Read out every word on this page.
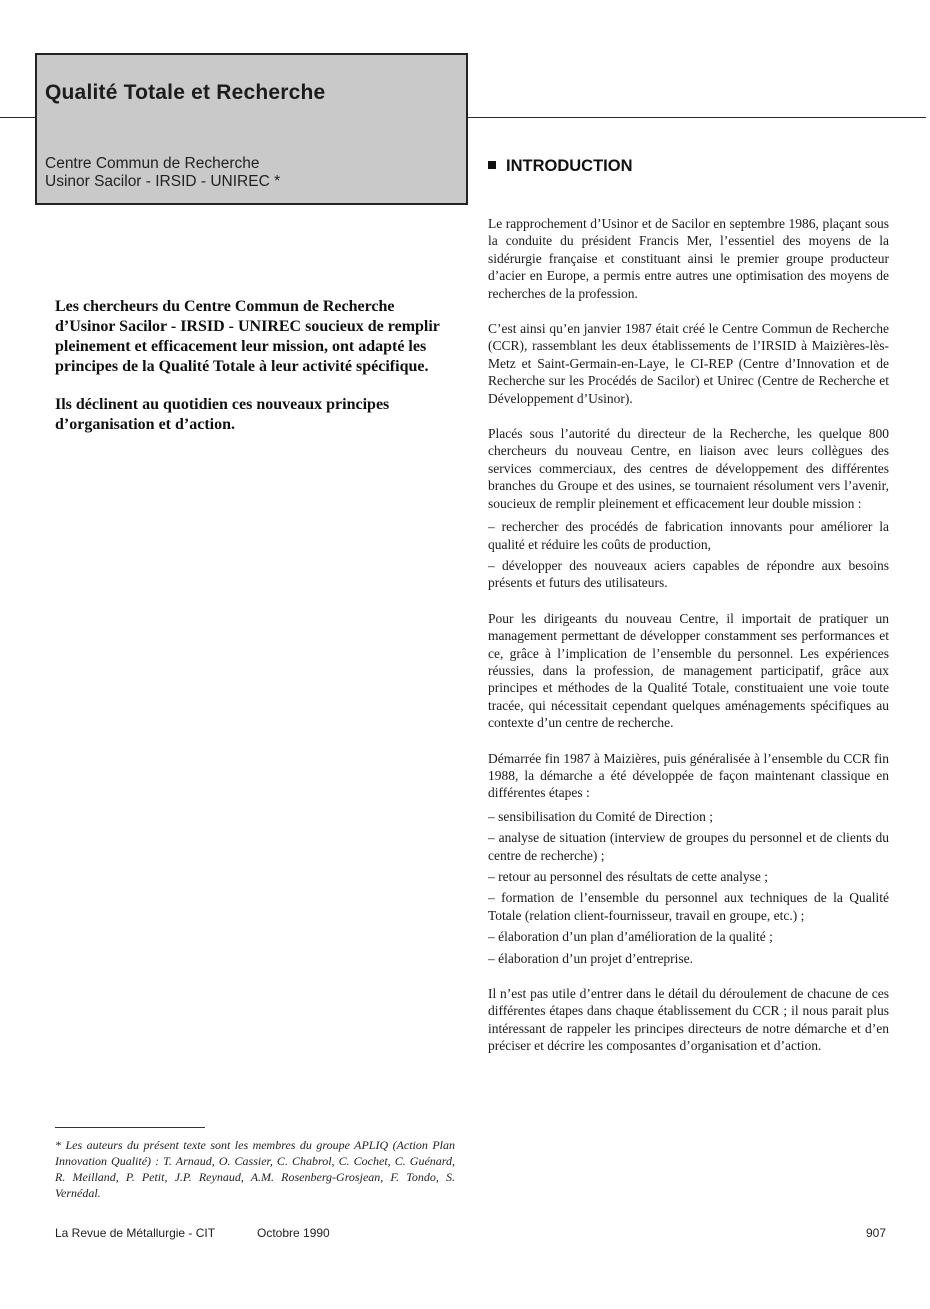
Qualité Totale et Recherche
Centre Commun de Recherche
Usinor Sacilor - IRSID - UNIREC *
INTRODUCTION

Les chercheurs du Centre Commun de Recherche d’Usinor Sacilor - IRSID - UNIREC soucieux de remplir pleinement et efficacement leur mission, ont adapté les principes de la Qualité Totale à leur activité spécifique.

Ils déclinent au quotidien ces nouveaux principes d’organisation et d’action.

Le rapprochement d’Usinor et de Sacilor en septembre 1986, plaçant sous la conduite du président Francis Mer, l’essentiel des moyens de la sidérurgie française et constituant ainsi le premier groupe producteur d’acier en Europe, a permis entre autres une optimisation des moyens de recherches de la profession.

C’est ainsi qu’en janvier 1987 était créé le Centre Commun de Recherche (CCR), rassemblant les deux établissements de l’IRSID à Maizières-lès-Metz et Saint-Germain-en-Laye, le CI-REP (Centre d’Innovation et de Recherche sur les Procédés de Sacilor) et Unirec (Centre de Recherche et Développement d’Usinor).

Placés sous l’autorité du directeur de la Recherche, les quelque 800 chercheurs du nouveau Centre, en liaison avec leurs collègues des services commerciaux, des centres de développement des différentes branches du Groupe et des usines, se tournaient résolument vers l’avenir, soucieux de remplir pleinement et efficacement leur double mission :

– rechercher des procédés de fabrication innovants pour améliorer la qualité et réduire les coûts de production,

– développer des nouveaux aciers capables de répondre aux besoins présents et futurs des utilisateurs.

Pour les dirigeants du nouveau Centre, il importait de pratiquer un management permettant de développer constamment ses performances et ce, grâce à l’implication de l’ensemble du personnel. Les expériences réussies, dans la profession, de management participatif, grâce aux principes et méthodes de la Qualité Totale, constituaient une voie toute tracée, qui nécessitait cependant quelques aménagements spécifiques au contexte d’un centre de recherche.

Démarrée fin 1987 à Maizières, puis généralisée à l’ensemble du CCR fin 1988, la démarche a été développée de façon maintenant classique en différentes étapes :

– sensibilisation du Comité de Direction ;

– analyse de situation (interview de groupes du personnel et de clients du centre de recherche) ;

– retour au personnel des résultats de cette analyse ;

– formation de l’ensemble du personnel aux techniques de la Qualité Totale (relation client-fournisseur, travail en groupe, etc.) ;

– élaboration d’un plan d’amélioration de la qualité ;

– élaboration d’un projet d’entreprise.

Il n’est pas utile d’entrer dans le détail du déroulement de chacune de ces différentes étapes dans chaque établissement du CCR ; il nous parait plus intéressant de rappeler les principes directeurs de notre démarche et d’en préciser et décrire les composantes d’organisation et d’action.

* Les auteurs du présent texte sont les membres du groupe APLIQ (Action Plan Innovation Qualité) : T. Arnaud, O. Cassier, C. Chabrol, C. Cochet, C. Guénard, R. Meilland, P. Petit, J.P. Reynaud, A.M. Rosenberg-Grosjean, F. Tondo, S. Vernédal.
La Revue de Métallurgie - CIT	Octobre 1990	907
